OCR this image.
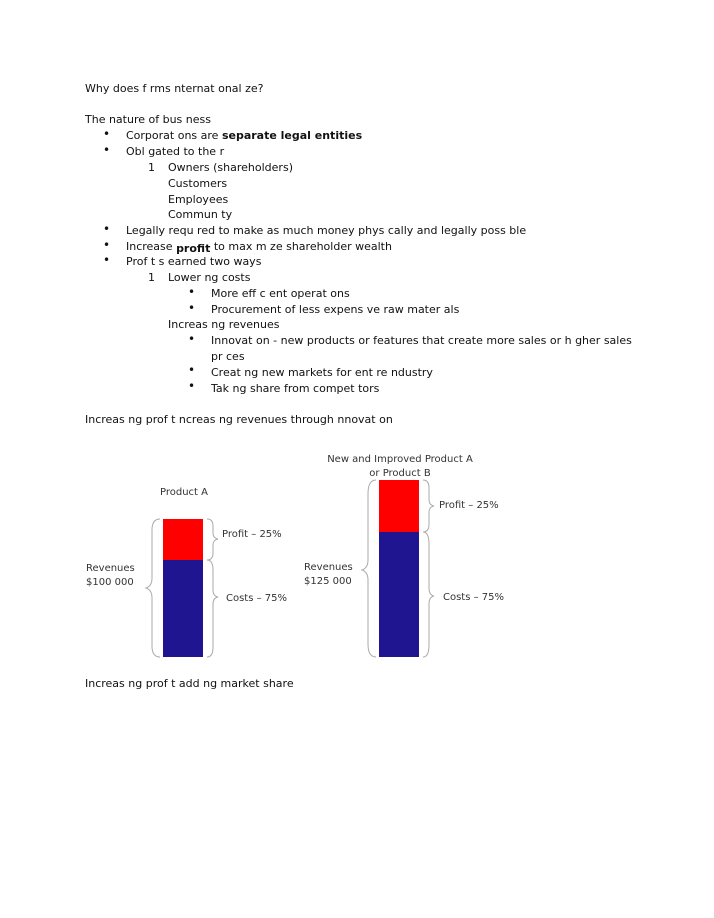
Why does f rms nternat onal ze?
The nature of bus ness
• Corporat ons are separate legal entities
• Obl gated to the r
1 Owners (shareholders)
Customers
Employees
Commun ty
• Legally requ red to make as much money phys cally and legally poss ble
• Increase profit to max m ze shareholder wealth
• Prof t s earned two ways
1 Lower ng costs
• More eff c ent operat ons
• Procurement of less expens ve raw mater als
Increas ng revenues
• Innovat on - new products or features that create more sales or h gher sales
pr ces
• Creat ng new markets for ent re ndustry
• Tak ng share from compet tors
Increas ng prof t ncreas ng revenues through nnovat on
Product A
Profit – 25%
Costs – 75%
Revenues
$100 000
New and Improved Product A
or Product B
Profit – 25%
Costs – 75%
Revenues
$125 000
Increas ng prof t add ng market share
